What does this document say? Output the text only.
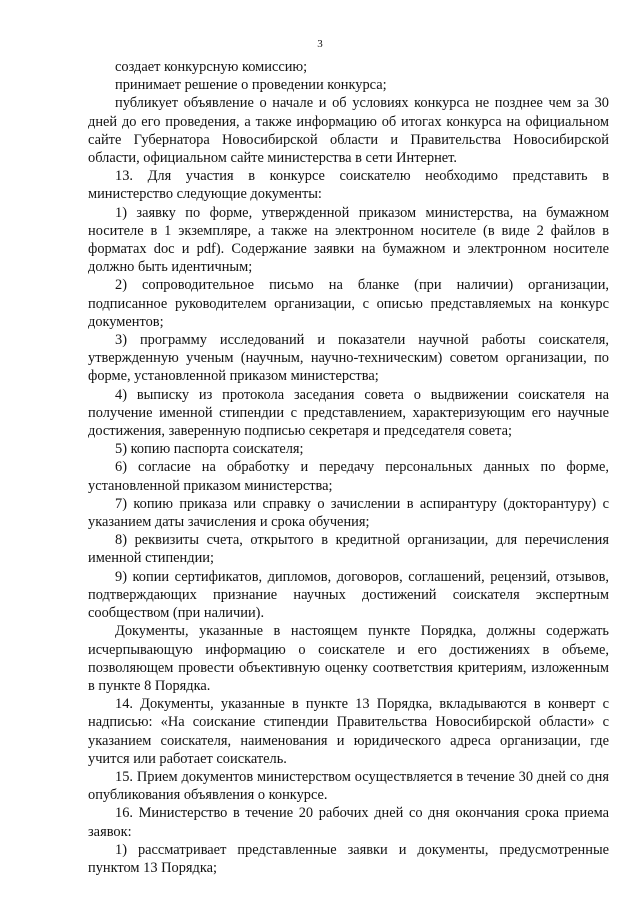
3

создает конкурсную комиссию;

принимает решение о проведении конкурса;

публикует объявление о начале и об условиях конкурса не позднее чем за 30 дней до его проведения, а также информацию об итогах конкурса на официальном сайте Губернатора Новосибирской области и Правительства Новосибирской области, официальном сайте министерства в сети Интернет.

13. Для участия в конкурсе соискателю необходимо представить в министерство следующие документы:

1) заявку по форме, утвержденной приказом министерства, на бумажном носителе в 1 экземпляре, а также на электронном носителе (в виде 2 файлов в форматах doc и pdf). Содержание заявки на бумажном и электронном носителе должно быть идентичным;

2) сопроводительное письмо на бланке (при наличии) организации, подписанное руководителем организации, с описью представляемых на конкурс документов;

3) программу исследований и показатели научной работы соискателя, утвержденную ученым (научным, научно-техническим) советом организации, по форме, установленной приказом министерства;

4) выписку из протокола заседания совета о выдвижении соискателя на получение именной стипендии с представлением, характеризующим его научные достижения, заверенную подписью секретаря и председателя совета;

5) копию паспорта соискателя;

6) согласие на обработку и передачу персональных данных по форме, установленной приказом министерства;

7) копию приказа или справку о зачислении в аспирантуру (докторантуру) с указанием даты зачисления и срока обучения;

8) реквизиты счета, открытого в кредитной организации, для перечисления именной стипендии;

9) копии сертификатов, дипломов, договоров, соглашений, рецензий, отзывов, подтверждающих признание научных достижений соискателя экспертным сообществом (при наличии).

Документы, указанные в настоящем пункте Порядка, должны содержать исчерпывающую информацию о соискателе и его достижениях в объеме, позволяющем провести объективную оценку соответствия критериям, изложенным в пункте 8 Порядка.

14. Документы, указанные в пункте 13 Порядка, вкладываются в конверт с надписью: «На соискание стипендии Правительства Новосибирской области» с указанием соискателя, наименования и юридического адреса организации, где учится или работает соискатель.

15. Прием документов министерством осуществляется в течение 30 дней со дня опубликования объявления о конкурсе.

16. Министерство в течение 20 рабочих дней со дня окончания срока приема заявок:

1) рассматривает представленные заявки и документы, предусмотренные пунктом 13 Порядка;
